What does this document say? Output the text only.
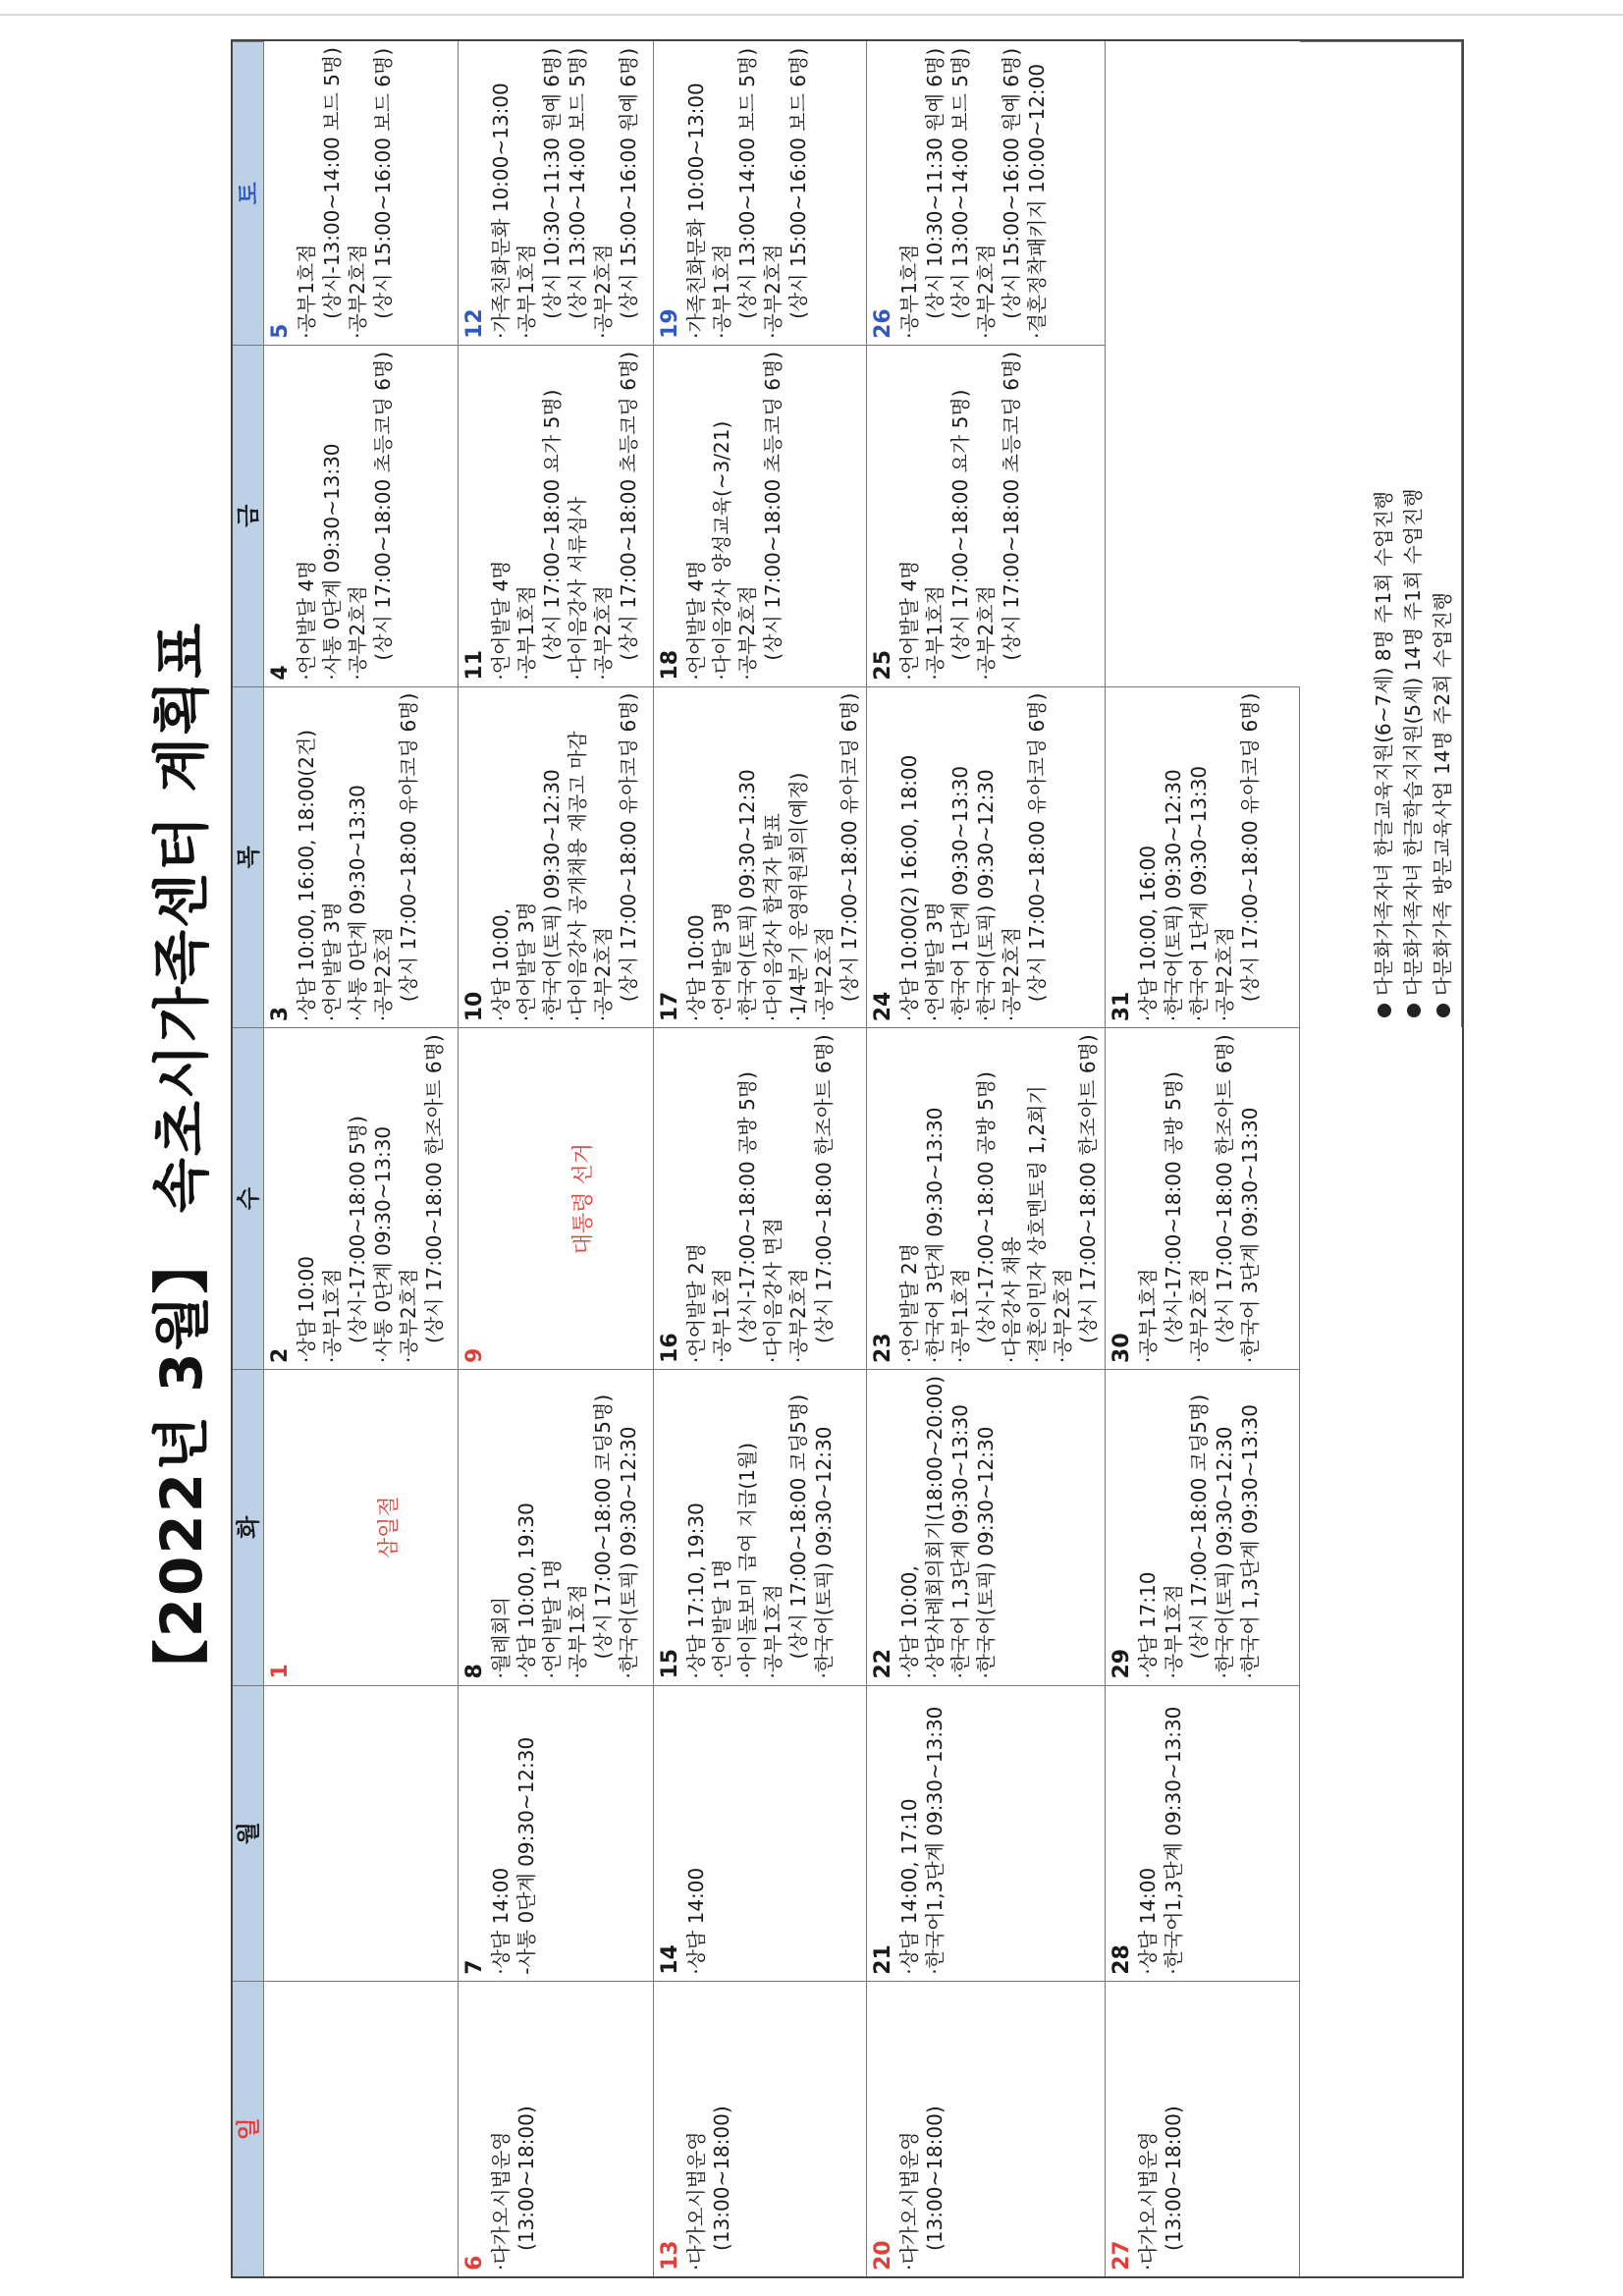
【2022년 3월】 속초시가족센터 계획표
일
월
화
수
목
금
토
1
삼일절
2 ·상담 10:00 ·공부1호점 (상시-17:00~18:00 5명) ·사통 0단계 09:30~13:30 ·공부2호점 (상시 17:00~18:00 한조아트 6명)
3 ·상담 10:00, 16:00, 18:00(2건) ·언어발달 3명 ·사통 0단계 09:30~13:30 ·공부2호점 (상시 17:00~18:00 유아코딩 6명)
4 ·언어발달 4명 ·사통 0단계 09:30~13:30 ·공부2호점 (상시 17:00~18:00 초등코딩 6명)
5 ·공부1호점 (상시-13:00~14:00 보드 5명) ·공부2호점 (상시 15:00~16:00 보드 6명)
6 ·다가오시법운영 (13:00~18:00)
7 ·상담 14:00 -사통 0단계 09:30~12:30
8 ·월례회의 ·상담 10:00, 19:30 ·언어발달 1명 ·공부1호점 (상시 17:00~18:00 코딩5명) ·한국어(토픽) 09:30~12:30
9
대통령 선거
10 ·상담 10:00, ·언어발달 3명 ·한국어(토픽) 09:30~12:30 ·다이음강사 공개채용 재공고 마감 ·공부2호점 (상시 17:00~18:00 유아코딩 6명)
11 ·언어발달 4명 ·공부1호점 (상시 17:00~18:00 요가 5명) ·다이음강사 서류심사 ·공부2호점 (상시 17:00~18:00 초등코딩 6명)
12 ·가족친화문화 10:00~13:00 ·공부1호점 (상시 10:30~11:30 원예 6명) (상시 13:00~14:00 보드 5명) ·공부2호점 (상시 15:00~16:00 원예 6명)
13 ·다가오시법운영 (13:00~18:00)
14 ·상담 14:00
15 ·상담 17:10, 19:30 ·언어발달 1명 ·아이돌보미 급여 지급(1월) ·공부1호점 (상시 17:00~18:00 코딩5명) ·한국어(토픽) 09:30~12:30
16 ·언어발달 2명 ·공부1호점 (상시-17:00~18:00 공방 5명) ·다이음강사 면접 ·공부2호점 (상시 17:00~18:00 한조아트 6명)
17 ·상담 10:00 ·언어발달 3명 ·한국어(토픽) 09:30~12:30 ·다이음강사 합격자 발표 ·1/4분기 운영위원회의(예정) ·공부2호점 (상시 17:00~18:00 유아코딩 6명)
18 ·언어발달 4명 ·다이음강사 양성교육(~3/21) ·공부2호점 (상시 17:00~18:00 초등코딩 6명)
19 ·가족친화문화 10:00~13:00 ·공부1호점 (상시 13:00~14:00 보드 5명) ·공부2호점 (상시 15:00~16:00 보드 6명)
20 ·다가오시법운영 (13:00~18:00)
21 ·상담 14:00, 17:10 ·한국어1,3단계 09:30~13:30
22 ·상담 10:00, ·상담사례회의회기(18:00~20:00) ·한국어 1,3단계 09:30~13:30 ·한국어(토픽) 09:30~12:30
23 ·언어발달 2명 ·한국어 3단계 09:30~13:30 ·공부1호점 (상시-17:00~18:00 공방 5명) ·다음강사 채용 ·결혼이민자 상호멘토링 1,2회기 ·공부2호점 (상시 17:00~18:00 한조아트 6명)
24 ·상담 10:00(2) 16:00, 18:00 ·언어발달 3명 ·한국어 1단계 09:30~13:30 ·한국어(토픽) 09:30~12:30 ·공부2호점 (상시 17:00~18:00 유아코딩 6명)
25 ·언어발달 4명 ·공부1호점 (상시 17:00~18:00 요가 5명) ·공부2호점 (상시 17:00~18:00 초등코딩 6명)
26 ·공부1호점 (상시 10:30~11:30 원예 6명) (상시 13:00~14:00 보드 5명) ·공부2호점 (상시 15:00~16:00 원예 6명) ·결혼정착패키지 10:00~12:00
27 ·다가오시법운영 (13:00~18:00)
28 ·상담 14:00 ·한국어1,3단계 09:30~13:30
29 ·상담 17:10 ·공부1호점 (상시 17:00~18:00 코딩5명) ·한국어(토픽) 09:30~12:30 ·한국어 1,3단계 09:30~13:30
30 ·공부1호점 (상시-17:00~18:00 공방 5명) ·공부2호점 (상시 17:00~18:00 한조아트 6명) ·한국어 3단계 09:30~13:30
31 ·상담 10:00, 16:00 ·한국어(토픽) 09:30~12:30 ·한국어 1단계 09:30~13:30 ·공부2호점 (상시 17:00~18:00 유아코딩 6명)	다문화가족자녀 한글교육지원(6~7세) 8명 주1회 수업진행 다문화가족자녀 한글학습지지원(5세) 14명 주1회 수업진행 다문화가족 방문교육사업 14명 주2회 수업진행
